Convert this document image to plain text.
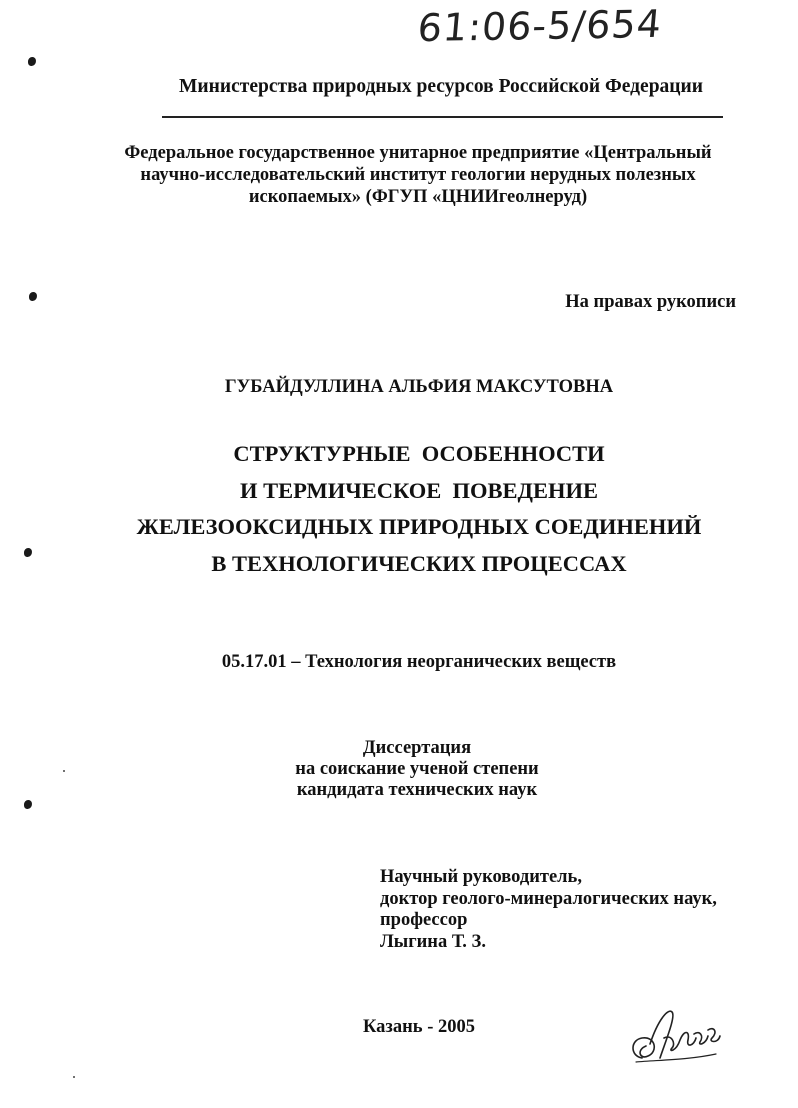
61:06-5/654
Министерства природных ресурсов Российской Федерации
Федеральное государственное унитарное предприятие «Центральный
научно-исследовательский институт геологии нерудных полезных
ископаемых» (ФГУП «ЦНИИгеолнеруд)
На правах рукописи
ГУБАЙДУЛЛИНА АЛЬФИЯ МАКСУТОВНА
СТРУКТУРНЫЕ  ОСОБЕННОСТИ
И ТЕРМИЧЕСКОЕ  ПОВЕДЕНИЕ
ЖЕЛЕЗООКСИДНЫХ ПРИРОДНЫХ СОЕДИНЕНИЙ
В ТЕХНОЛОГИЧЕСКИХ ПРОЦЕССАХ
05.17.01 – Технология неорганических веществ
Диссертация
на соискание ученой степени
кандидата технических наук
Научный руководитель,
доктор геолого-минералогических наук,
профессор
Лыгина Т. З.
Казань - 2005
